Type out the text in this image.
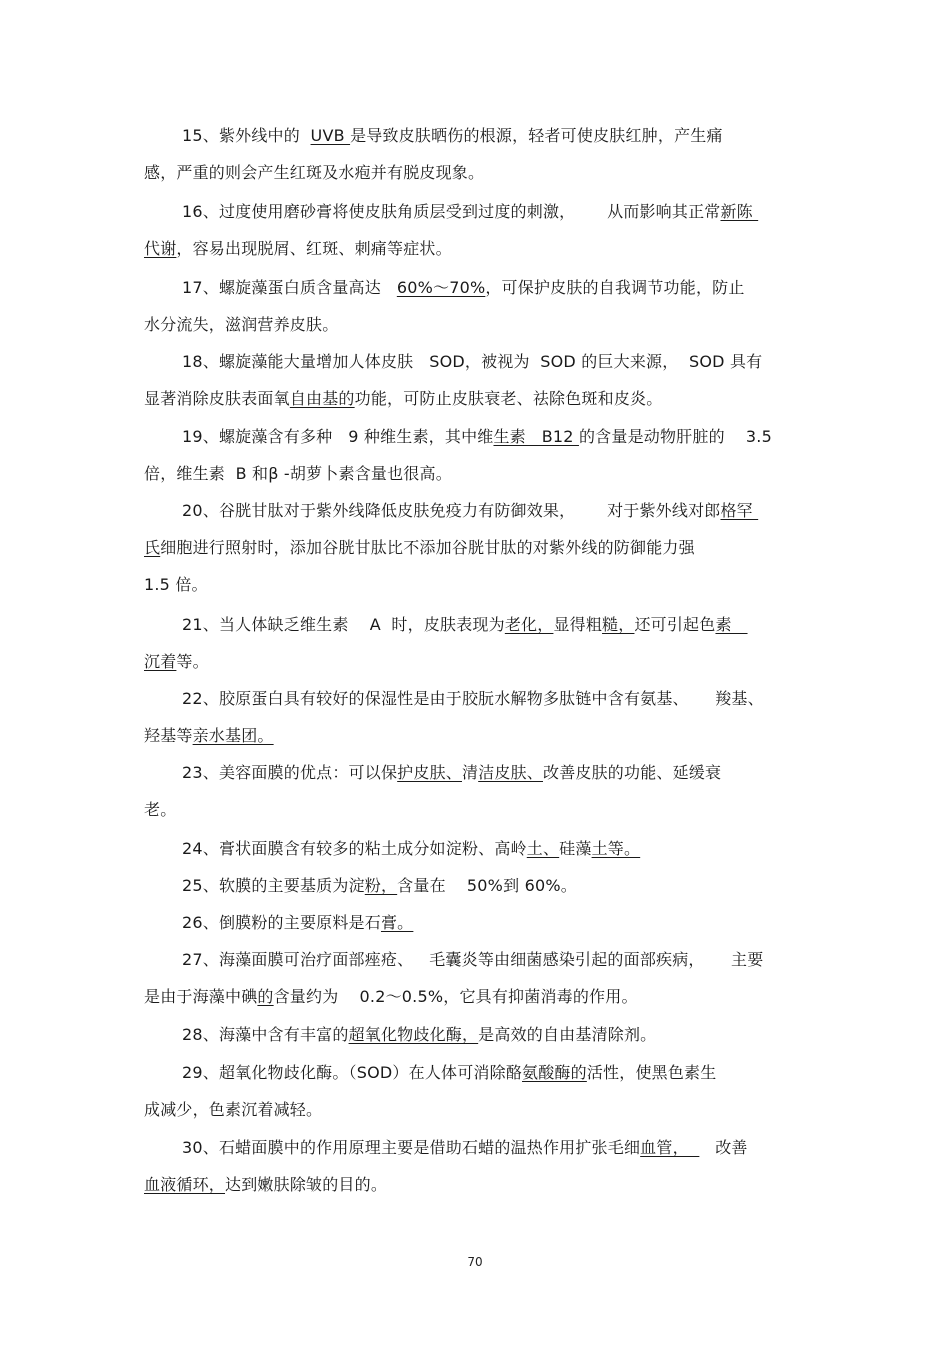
15、紫外线中的  UVB 是导致皮肤晒伤的根源，轻者可使皮肤红肿，产生痛
感，严重的则会产生红斑及水疱并有脱皮现象。
16、过度使用磨砂膏将使皮肤角质层受到过度的刺激，      从而影响其正常新陈
代谢，容易出现脱屑、红斑、刺痛等症状。
17、螺旋藻蛋白质含量高达   60%～70%，可保护皮肤的自我调节功能，防止
水分流失，滋润营养皮肤。
18、螺旋藻能大量增加人体皮肤   SOD，被视为  SOD 的巨大来源，  SOD 具有
显著消除皮肤表面氧自由基的功能，可防止皮肤衰老、祛除色斑和皮炎。
19、螺旋藻含有多种   9 种维生素，其中维生素   B12 的含量是动物肝脏的    3.5
倍，维生素  B 和β -胡萝卜素含量也很高。
20、谷胱甘肽对于紫外线降低皮肤免疫力有防御效果，      对于紫外线对郎格罕
氏细胞进行照射时，添加谷胱甘肽比不添加谷胱甘肽的对紫外线的防御能力强
1.5 倍。
21、当人体缺乏维生素    A  时，皮肤表现为老化，显得粗糙，还可引起色素
沉着等。
22、胶原蛋白具有较好的保湿性是由于胶朊水解物多肽链中含有氨基、     羧基、
羟基等亲水基团。
23、美容面膜的优点：可以保护皮肤、清洁皮肤、改善皮肤的功能、延缓衰
老。
24、膏状面膜含有较多的粘土成分如淀粉、高岭土、硅藻土等。
25、软膜的主要基质为淀粉，含量在    50%到 60%。
26、倒膜粉的主要原料是石膏。
27、海藻面膜可治疗面部痤疮、   毛囊炎等由细菌感染引起的面部疾病，     主要
是由于海藻中碘的含量约为    0.2～0.5%，它具有抑菌消毒的作用。
28、海藻中含有丰富的超氧化物歧化酶，是高效的自由基清除剂。
29、超氧化物歧化酶。（SOD）在人体可消除酪氨酸酶的活性，使黑色素生
成减少，色素沉着减轻。
30、石蜡面膜中的作用原理主要是借助石蜡的温热作用扩张毛细血管，     改善
血液循环，达到嫩肤除皱的目的。
70
